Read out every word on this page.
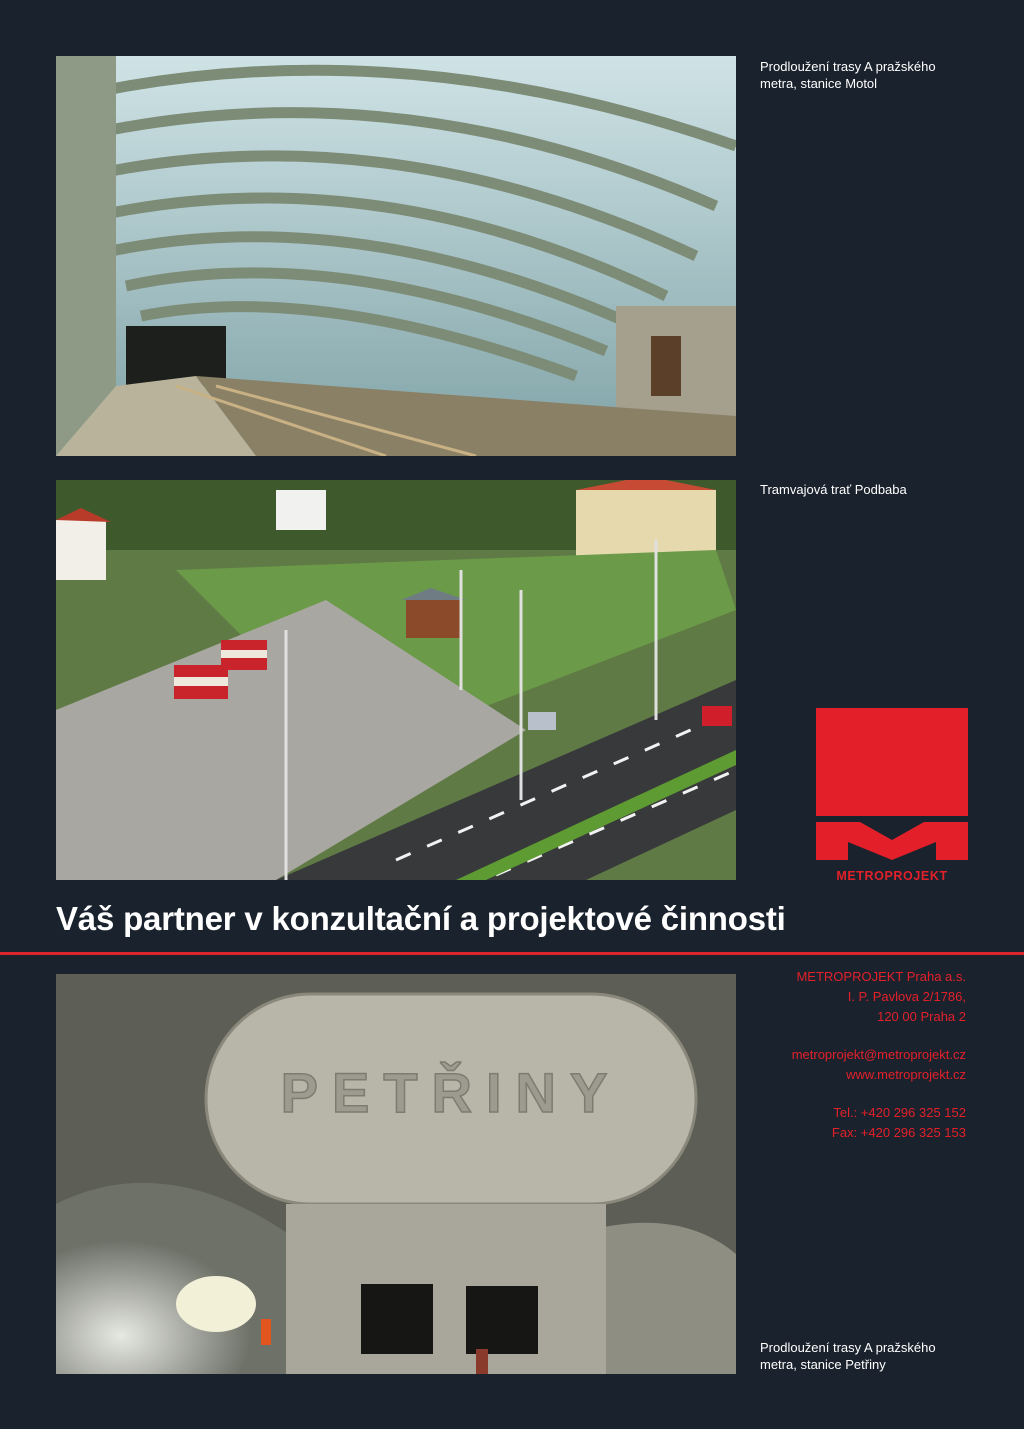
Prodloužení trasy A pražského
metra, stanice Motol
Tramvajová trať Podbaba
METROPROJEKT
Váš partner v konzultační a projektové činnosti
PETŘINY
METROPROJEKT Praha a.s.
I. P. Pavlova 2/1786,
120 00 Praha 2
metroprojekt@metroprojekt.cz
www.metroprojekt.cz
Tel.: +420 296 325 152
Fax: +420 296 325 153
Prodloužení trasy A pražského
metra, stanice Petřiny
